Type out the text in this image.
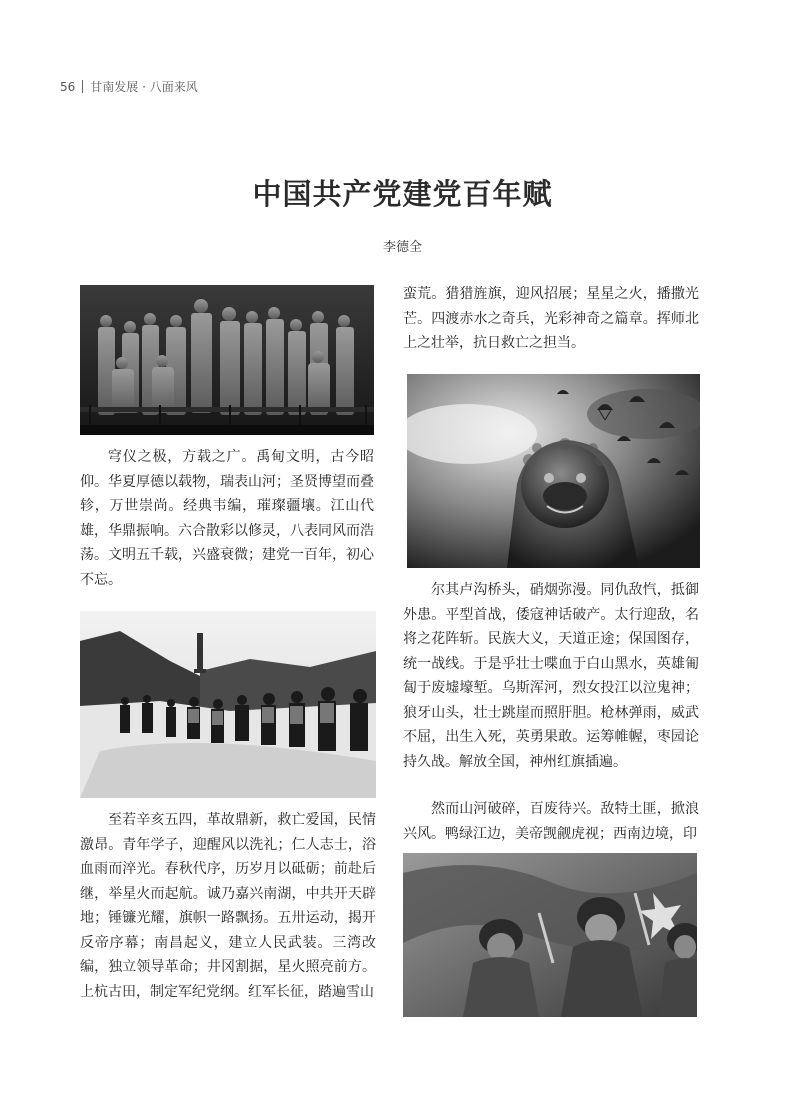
56 甘南发展 · 八面来风
中国共产党建党百年赋
李德全

穹仪之极，方载之广。禹甸文明，古今昭仰。华夏厚德以载物，瑞表山河；圣贤博望而叠轸，万世崇尚。经典韦编，璀璨疆壤。江山代雄，华鼎振响。六合散彩以修灵，八表同风而浩荡。文明五千载，兴盛衰微；建党一百年，初心不忘。

至若辛亥五四，革故鼎新，救亡爱国，民情激昂。青年学子，迎醒风以洗礼；仁人志士，浴血雨而淬光。春秋代序，历岁月以砥砺；前赴后继，举星火而起航。诚乃嘉兴南湖，中共开天辟地；锤镰光耀，旗帜一路飘扬。五卅运动，揭开反帝序幕；南昌起义，建立人民武装。三湾改编，独立领导革命；井冈割据，星火照亮前方。上杭古田，制定军纪党纲。红军长征，踏遍雪山

蛮荒。猎猎旌旗，迎风招展；星星之火，播撒光芒。四渡赤水之奇兵，光彩神奇之篇章。挥师北上之壮举，抗日救亡之担当。

尔其卢沟桥头，硝烟弥漫。同仇敌忾，抵御外患。平型首战，倭寇神话破产。太行迎敌，名将之花阵斩。民族大义，天道正途；保国图存，统一战线。于是乎壮士喋血于白山黑水，英雄匍匐于废墟壕堑。乌斯浑河，烈女投江以泣鬼神；狼牙山头，壮士跳崖而照肝胆。枪林弹雨，威武不屈，出生入死，英勇果敢。运筹帷幄，枣园论持久战。解放全国，神州红旗插遍。

然而山河破碎，百废待兴。敌特土匪，掀浪兴风。鸭绿江边，美帝觊觎虎视；西南边境，印
